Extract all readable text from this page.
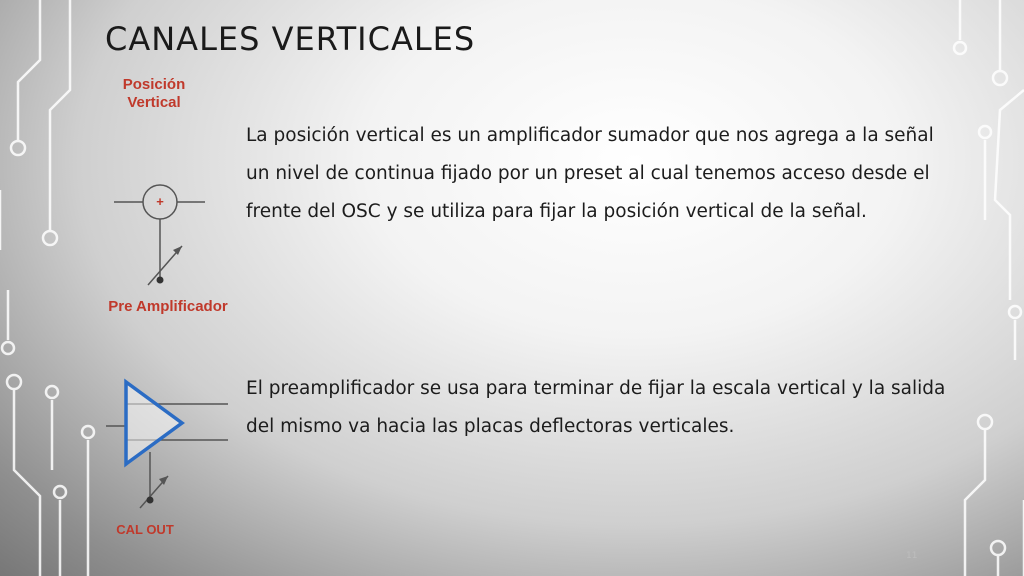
CANALES VERTICALES
Posición Vertical
+
Pre Amplificador
CAL OUT

La posición vertical es un amplificador sumador que nos agrega a la señal un nivel de continua fijado por un preset al cual tenemos acceso desde el frente del OSC y se utiliza para fijar la posición vertical de la señal.

El preamplificador se usa para terminar de fijar la escala vertical y la salida del mismo va hacia las placas deflectoras verticales.

11
